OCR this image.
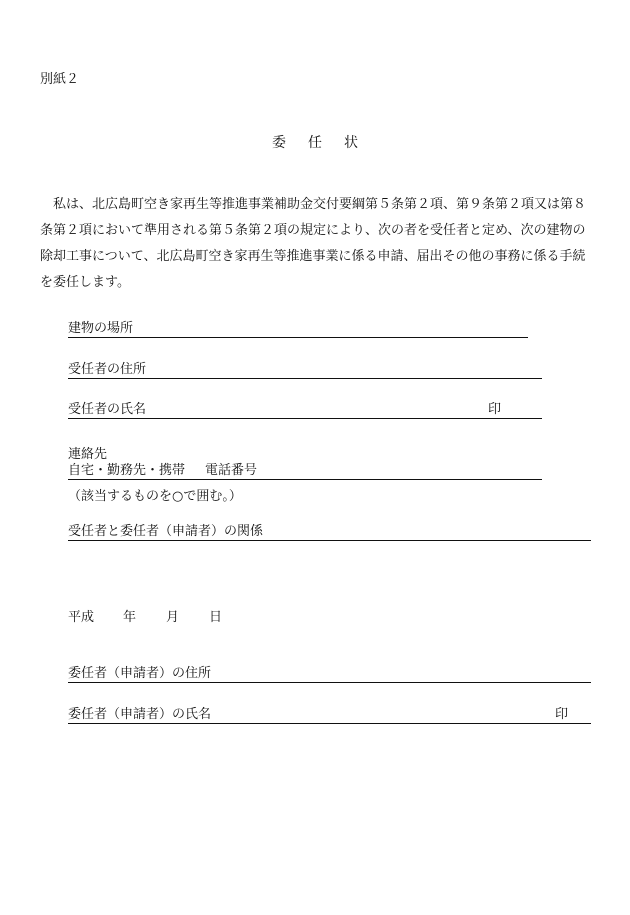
別紙２
委任状
私は、北広島町空き家再生等推進事業補助金交付要綱第５条第２項、第９条第２項又は第８条第２項において準用される第５条第２項の規定により、次の者を受任者と定め、次の建物の除却工事について、北広島町空き家再生等推進事業に係る申請、届出その他の事務に係る手続を委任します。
建物の場所
受任者の住所
受任者の氏名	印
連絡先
自宅・勤務先・携帯 電話番号
（該当するものを○で囲む。）
受任者と委任者（申請者）の関係
平成 年 月 日
委任者（申請者）の住所
委任者（申請者）の氏名	印
